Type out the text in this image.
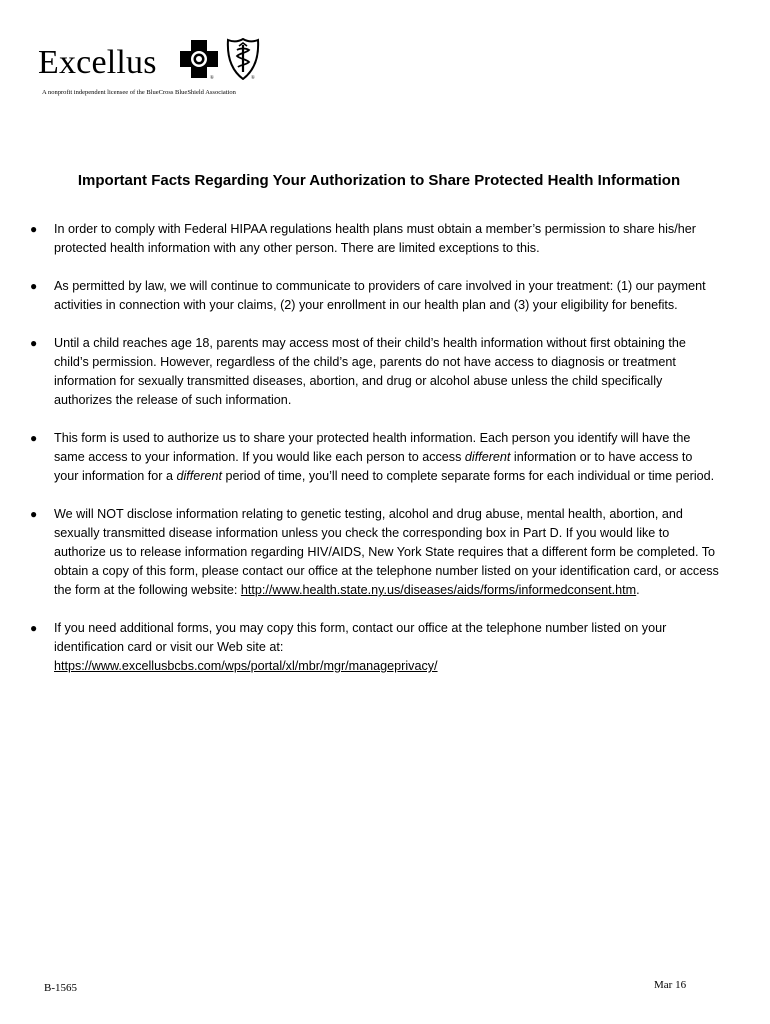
Excellus	®	®
A nonprofit independent licensee of the BlueCross BlueShield Association
Important Facts Regarding Your Authorization to Share Protected Health Information
● In order to comply with Federal HIPAA regulations health plans must obtain a member’s permission to share his/her protected health information with any other person. There are limited exceptions to this.
● As permitted by law, we will continue to communicate to providers of care involved in your treatment: (1) our payment activities in connection with your claims, (2) your enrollment in our health plan and (3) your eligibility for benefits.
● Until a child reaches age 18, parents may access most of their child’s health information without first obtaining the child’s permission. However, regardless of the child’s age, parents do not have access to diagnosis or treatment information for sexually transmitted diseases, abortion, and drug or alcohol abuse unless the child specifically authorizes the release of such information.
● This form is used to authorize us to share your protected health information. Each person you identify will have the same access to your information. If you would like each person to access different information or to have access to your information for a different period of time, you’ll need to complete separate forms for each individual or time period.
● We will NOT disclose information relating to genetic testing, alcohol and drug abuse, mental health, abortion, and sexually transmitted disease information unless you check the corresponding box in Part D. If you would like to authorize us to release information regarding HIV/AIDS, New York State requires that a different form be completed. To obtain a copy of this form, please contact our office at the telephone number listed on your identification card, or access the form at the following website: http://www.health.state.ny.us/diseases/aids/forms/informedconsent.htm.
● If you need additional forms, you may copy this form, contact our office at the telephone number listed on your identification card or visit our Web site at:
https://www.excellusbcbs.com/wps/portal/xl/mbr/mgr/manageprivacy/
B-1565	Mar 16
